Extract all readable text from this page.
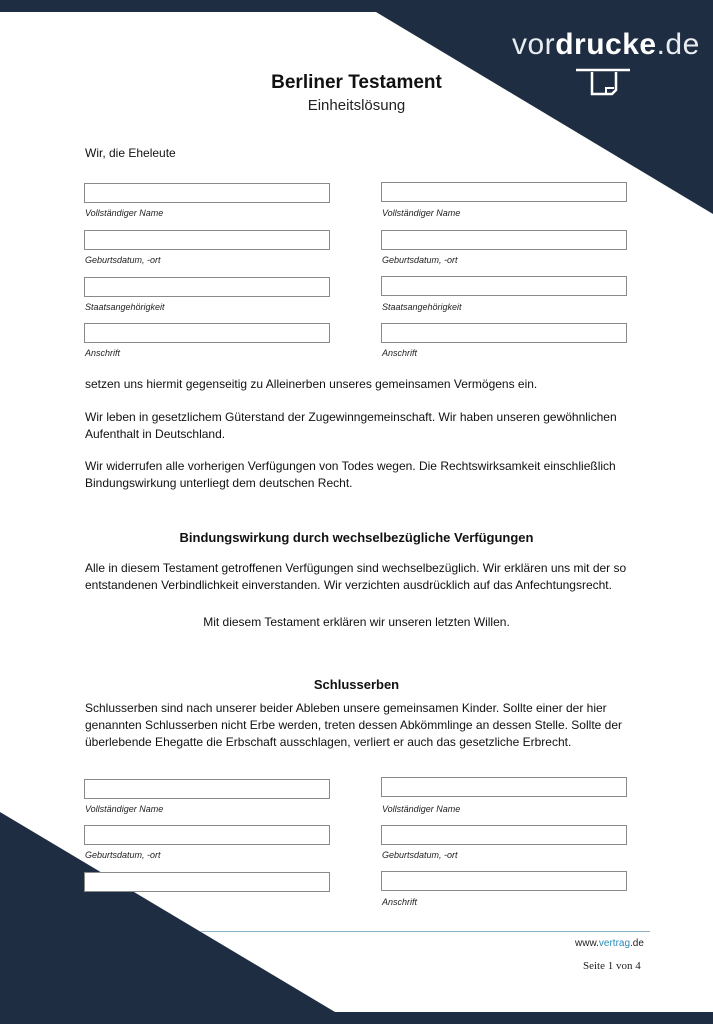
vordrucke.de
Berliner Testament
Einheitslösung
Wir, die Eheleute
Vollständiger Name
Geburtsdatum, -ort
Staatsangehörigkeit
Anschrift
Vollständiger Name
Geburtsdatum, -ort
Staatsangehörigkeit
Anschrift
setzen uns hiermit gegenseitig zu Alleinerben unseres gemeinsamen Vermögens ein.
Wir leben in gesetzlichem Güterstand der Zugewinngemeinschaft. Wir haben unseren gewöhnlichen
Aufenthalt in Deutschland.
Wir widerrufen alle vorherigen Verfügungen von Todes wegen. Die Rechtswirksamkeit einschließlich
Bindungswirkung unterliegt dem deutschen Recht.
Bindungswirkung durch wechselbezügliche Verfügungen
Alle in diesem Testament getroffenen Verfügungen sind wechselbezüglich. Wir erklären uns mit der so
entstandenen Verbindlichkeit einverstanden. Wir verzichten ausdrücklich auf das Anfechtungsrecht.
Mit diesem Testament erklären wir unseren letzten Willen.
Schlusserben
Schlusserben sind nach unserer beider Ableben unsere gemeinsamen Kinder. Sollte einer der hier
genannten Schlusserben nicht Erbe werden, treten dessen Abkömmlinge an dessen Stelle. Sollte der
überlebende Ehegatte die Erbschaft ausschlagen, verliert er auch das gesetzliche Erbrecht.
Vollständiger Name
Geburtsdatum, -ort
Vollständiger Name
Geburtsdatum, -ort
Anschrift
www.vertrag.de
Seite 1 von 4
